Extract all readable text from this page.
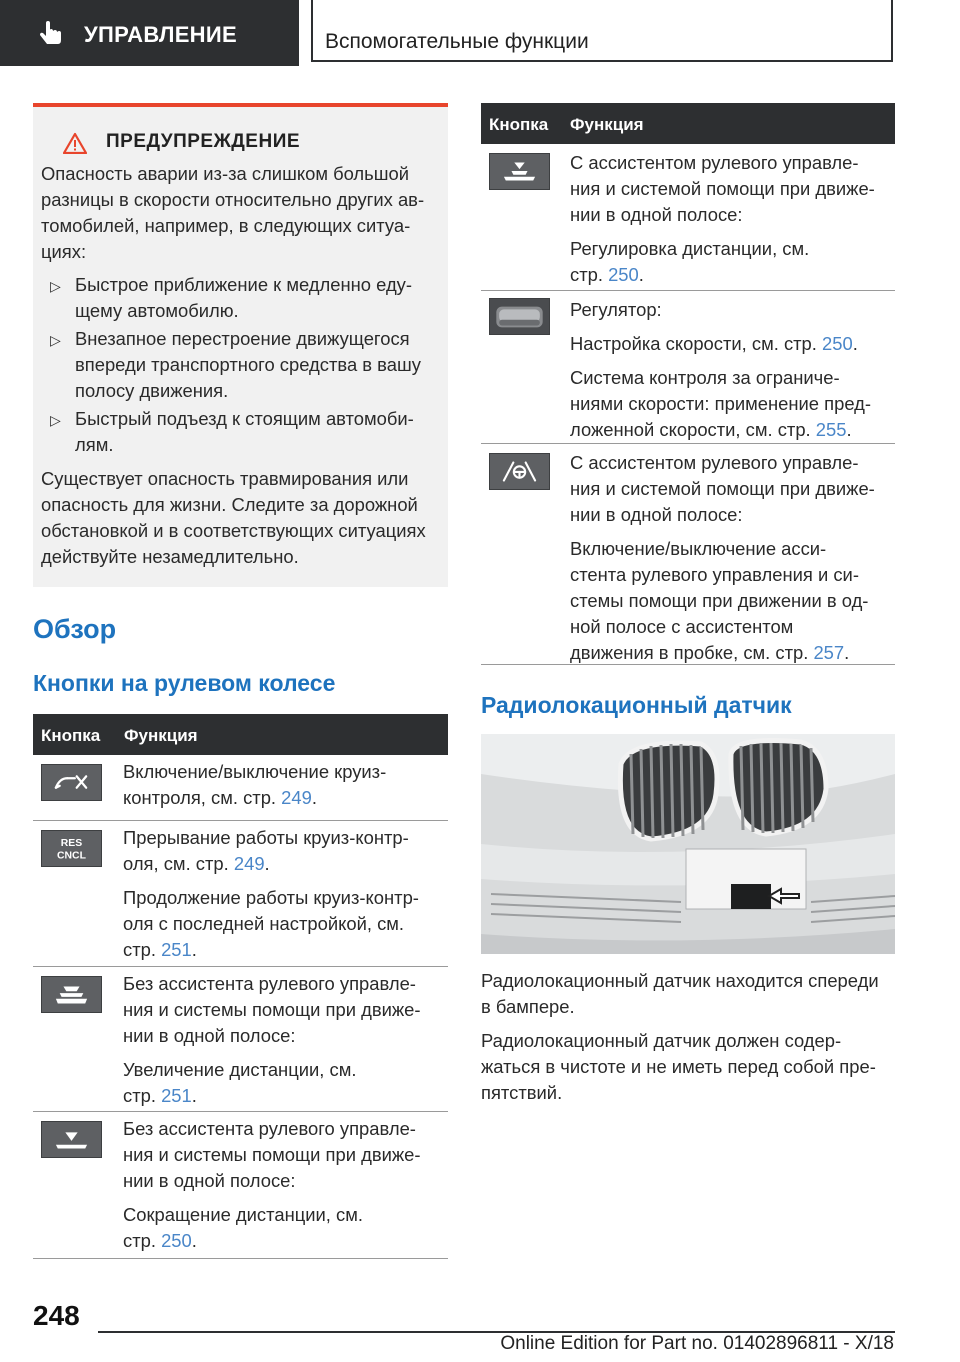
УПРАВЛЕНИЕ	Вспомогательные функции
ПРЕДУПРЕЖДЕНИЕ
Опасность аварии из-за слишком большой
разницы в скорости относительно других ав-
томобилей, например, в следующих ситуа-
циях:
▷ Быстрое приближение к медленно еду-
щему автомобилю.
▷ Внезапное перестроение движущегося
впереди транспортного средства в вашу
полосу движения.
▷ Быстрый подъезд к стоящим автомоби-
лям.
Существует опасность травмирования или
опасность для жизни. Следите за дорожной
обстановкой и в соответствующих ситуациях
действуйте незамедлительно.
Обзор
Кнопки на рулевом колесе
Кнопка Функция
Включение/выключение круиз-
контроля, см. стр. 249.
RES
CNCL
Прерывание работы круиз-контр-
оля, см. стр. 249.
Продолжение работы круиз-контр-
оля с последней настройкой, см.
стр. 251.
Без ассистента рулевого управле-
ния и системы помощи при движе-
нии в одной полосе:
Увеличение дистанции, см.
стр. 251.
Без ассистента рулевого управле-
ния и системы помощи при движе-
нии в одной полосе:
Сокращение дистанции, см.
стр. 250.
Кнопка Функция
С ассистентом рулевого управле-
ния и системой помощи при движе-
нии в одной полосе:
Регулировка дистанции, см.
стр. 250.
Регулятор:
Настройка скорости, см. стр. 250.
Система контроля за ограниче-
ниями скорости: применение пред-
ложенной скорости, см. стр. 255.
С ассистентом рулевого управле-
ния и системой помощи при движе-
нии в одной полосе:
Включение/выключение асси-
стента рулевого управления и си-
стемы помощи при движении в од-
ной полосе с ассистентом
движения в пробке, см. стр. 257.
Радиолокационный датчик
Радиолокационный датчик находится спереди
в бампере.
Радиолокационный датчик должен содер-
жаться в чистоте и не иметь перед собой пре-
пятствий.
248
Online Edition for Part no. 01402896811 - X/18
